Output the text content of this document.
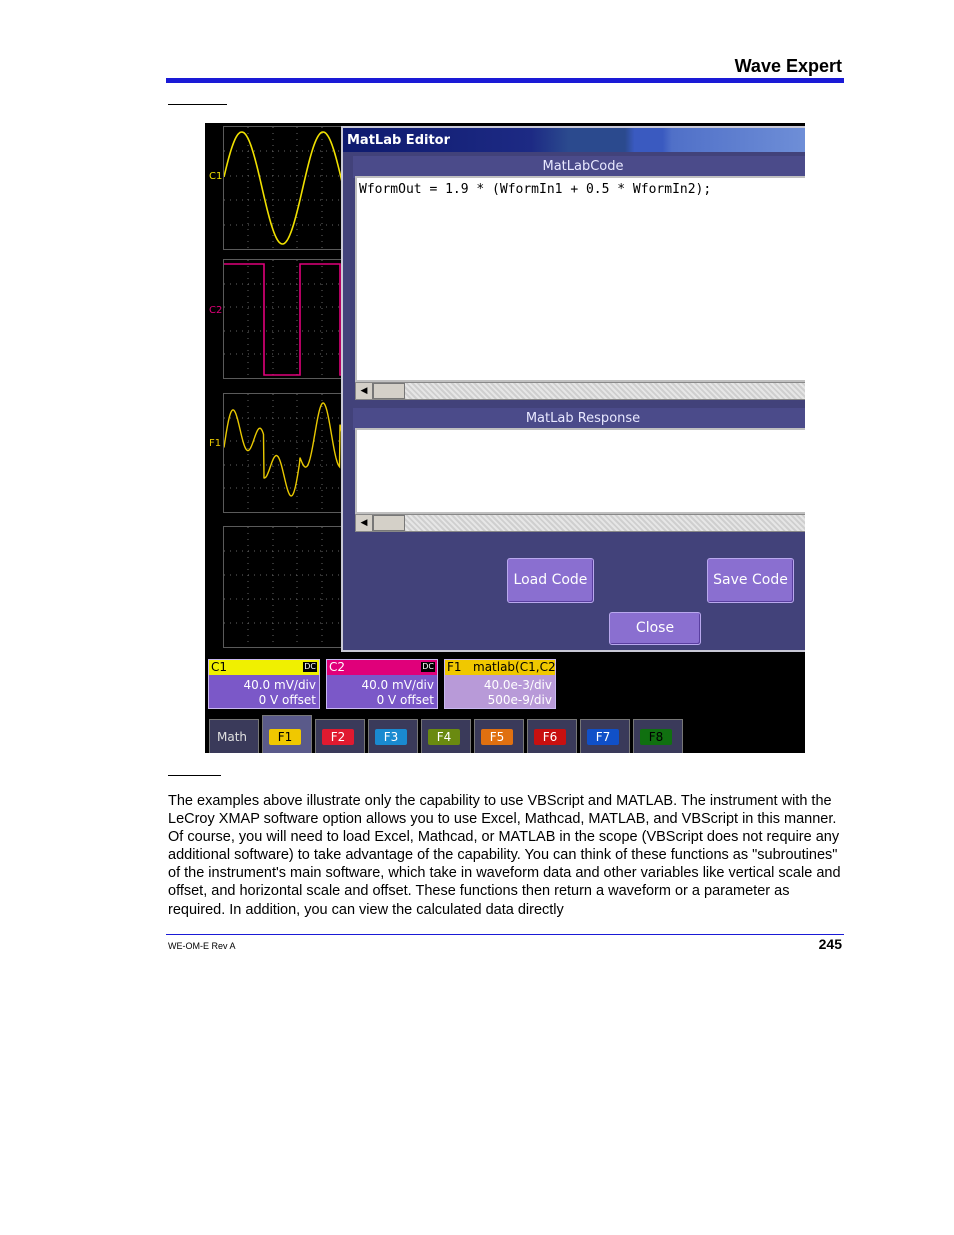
Wave Expert
C1
C2
F1
MatLab Editor
MatLabCode
WformOut = 1.9 * (WformIn1 + 0.5 * WformIn2);
◀
MatLab Response
◀
Load Code	Save Code
Close
C1	DC
40.0 mV/div
0 V offset
C2	DC
40.0 mV/div
0 V offset
F1 matlab(C1,C2)
40.0e-3/div
500e-9/div
Math	F1	F2	F3	F4	F5	F6	F7	F8

The examples above illustrate only the capability to use VBScript and MATLAB. The instrument with the LeCroy XMAP software option allows you to use Excel, Mathcad, MATLAB, and VBScript in this manner. Of course, you will need to load Excel, Mathcad, or MATLAB in the scope (VBScript does not require any additional software) to take advantage of the capability. You can think of these functions as "subroutines" of the instrument's main software, which take in waveform data and other variables like vertical scale and offset, and horizontal scale and offset. These functions then return a waveform or a parameter as required. In addition, you can view the calculated data directly

WE-OM-E Rev A	245
